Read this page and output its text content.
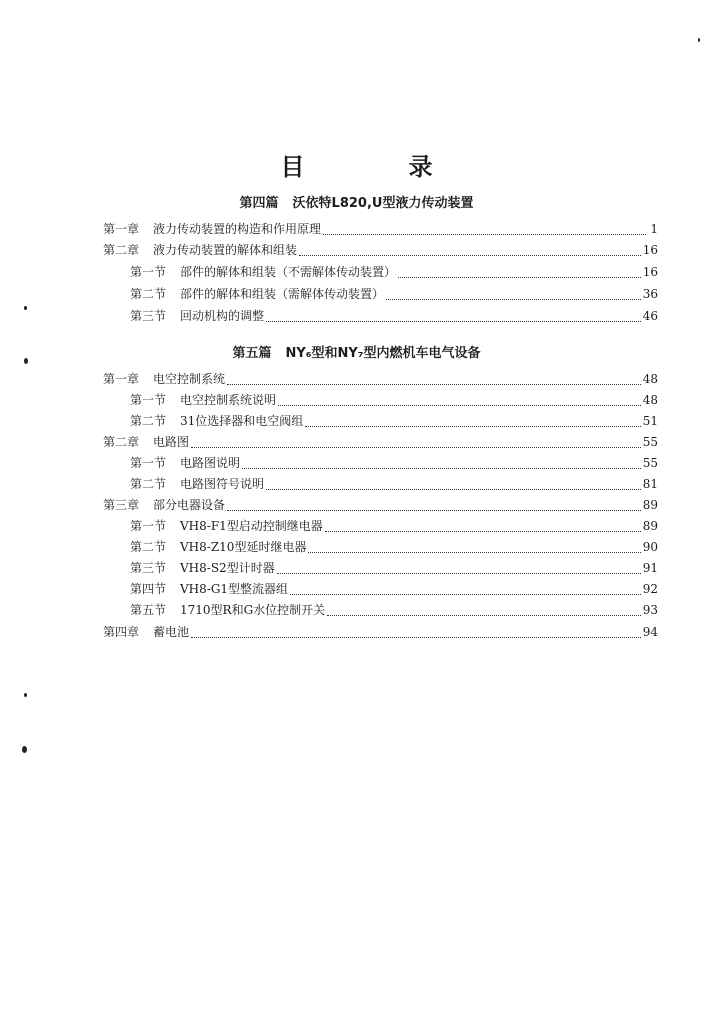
目　录
第四篇 沃依特L820,U型液力传动装置
第一章 液力传动装置的构造和作用原理	1
第二章 液力传动装置的解体和组装	16
第一节 部件的解体和组装（不需解体传动装置）	16
第二节 部件的解体和组装（需解体传动装置）	36
第三节 回动机构的调整	46
第五篇 NY₆型和NY₇型内燃机车电气设备
第一章 电空控制系统	48
第一节 电空控制系统说明	48
第二节 31位选择器和电空阀组	51
第二章 电路图	55
第一节 电路图说明	55
第二节 电路图符号说明	81
第三章 部分电器设备	89
第一节 VH8-F1型启动控制继电器	89
第二节 VH8-Z10型延时继电器	90
第三节 VH8-S2型计时器	91
第四节 VH8-G1型整流器组	92
第五节 1710型R和G水位控制开关	93
第四章 蓄电池	94
